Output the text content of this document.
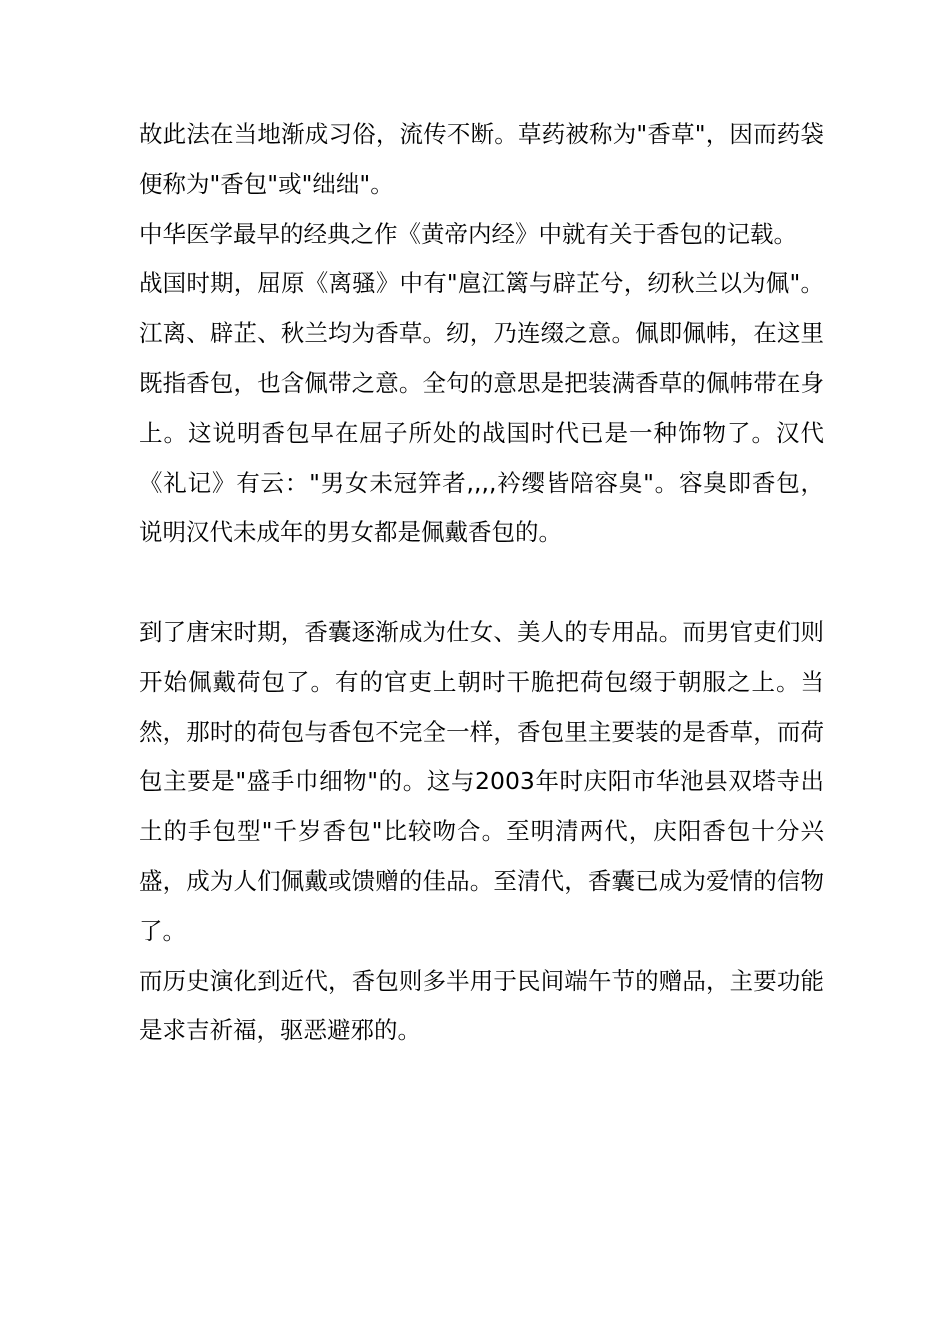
故此法在当地渐成习俗，流传不断。草药被称为"香草"，因而药袋便称为"香包"或"绌绌"。

中华医学最早的经典之作《黄帝内经》中就有关于香包的记载。

战国时期，屈原《离骚》中有"扈江篱与辟芷兮，纫秋兰以为佩"。江离、辟芷、秋兰均为香草。纫，乃连缀之意。佩即佩帏，在这里既指香包，也含佩带之意。全句的意思是把装满香草的佩帏带在身上。这说明香包早在屈子所处的战国时代已是一种饰物了。汉代《礼记》有云："男女未冠笄者,,,,衿缨皆陪容臭"。容臭即香包，说明汉代未成年的男女都是佩戴香包的。

到了唐宋时期，香囊逐渐成为仕女、美人的专用品。而男官吏们则开始佩戴荷包了。有的官吏上朝时干脆把荷包缀于朝服之上。当然，那时的荷包与香包不完全一样，香包里主要装的是香草，而荷包主要是"盛手巾细物"的。这与2003年时庆阳市华池县双塔寺出土的手包型"千岁香包"比较吻合。至明清两代，庆阳香包十分兴盛，成为人们佩戴或馈赠的佳品。至清代，香囊已成为爱情的信物了。

而历史演化到近代，香包则多半用于民间端午节的赠品，主要功能是求吉祈福，驱恶避邪的。
